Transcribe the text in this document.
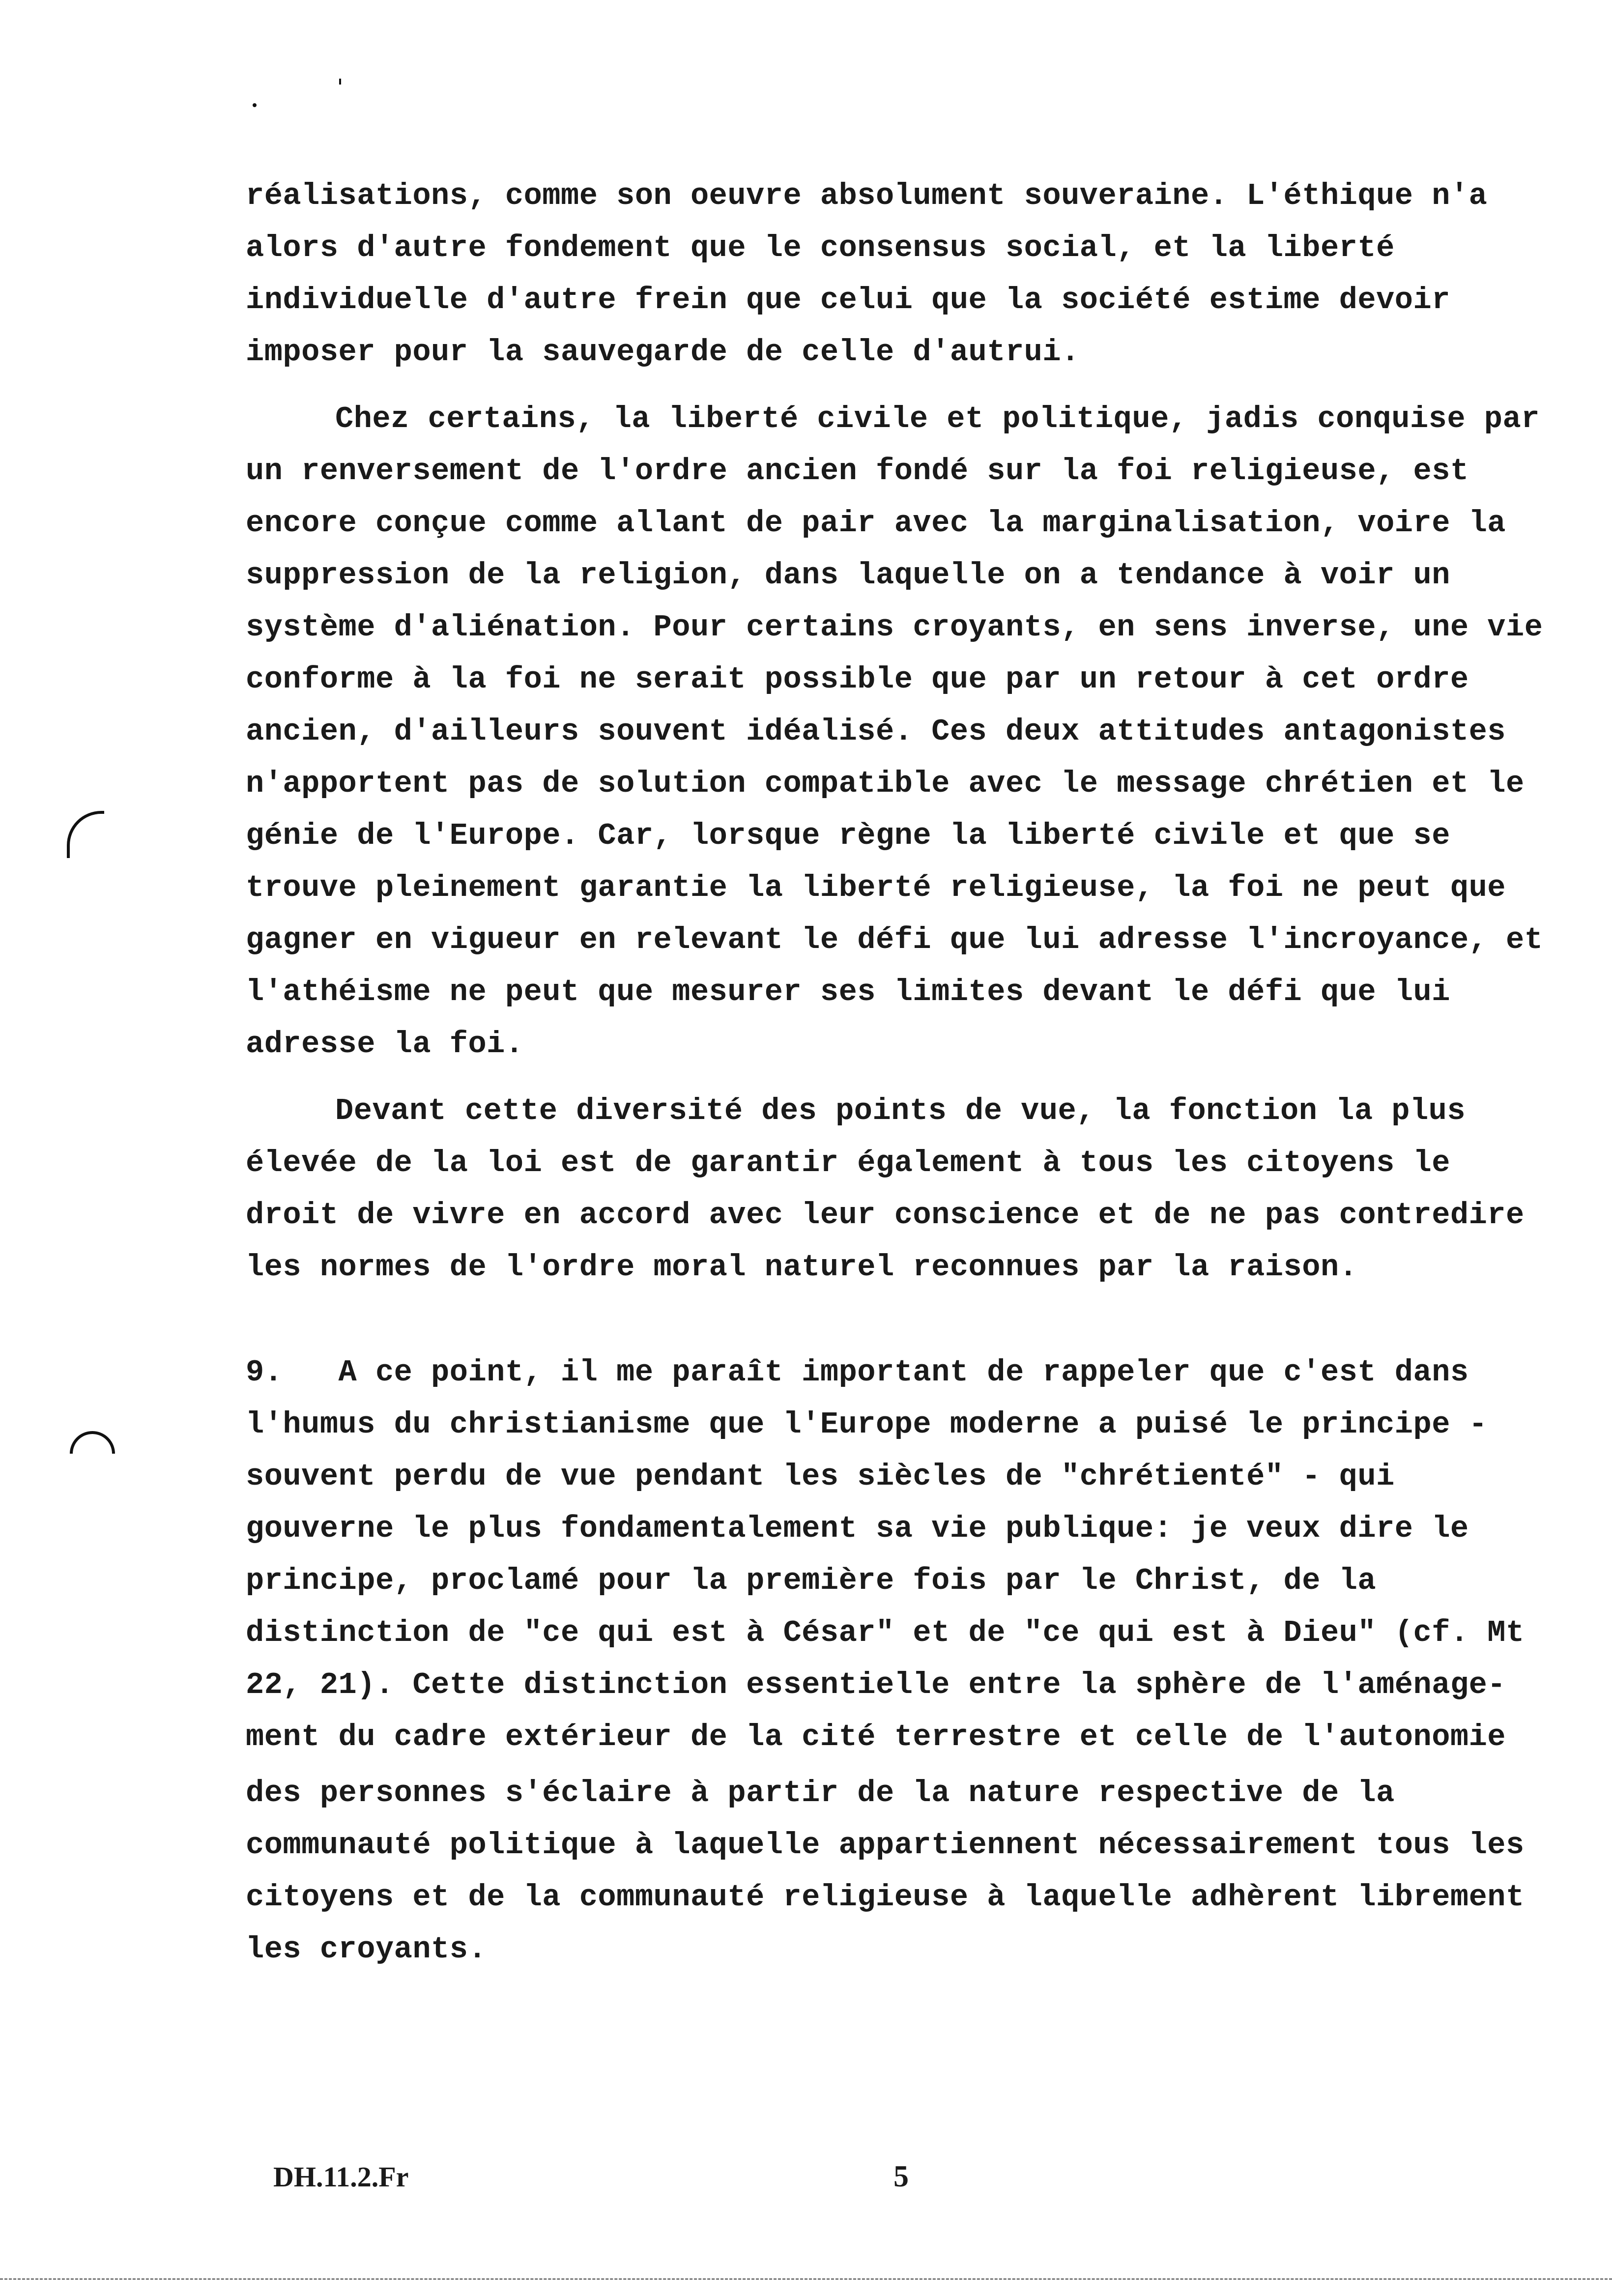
réalisations, comme son oeuvre absolument souveraine. L'éthique n'a
alors d'autre fondement que le consensus social, et la liberté
individuelle d'autre frein que celui que la société estime devoir
imposer pour la sauvegarde de celle d'autrui.
Chez certains, la liberté civile et politique, jadis conquise par
un renversement de l'ordre ancien fondé sur la foi religieuse, est
encore conçue comme allant de pair avec la marginalisation, voire la
suppression de la religion, dans laquelle on a tendance à voir un
système d'aliénation. Pour certains croyants, en sens inverse, une vie
conforme à la foi ne serait possible que par un retour à cet ordre
ancien, d'ailleurs souvent idéalisé. Ces deux attitudes antagonistes
n'apportent pas de solution compatible avec le message chrétien et le
génie de l'Europe. Car, lorsque règne la liberté civile et que se
trouve pleinement garantie la liberté religieuse, la foi ne peut que
gagner en vigueur en relevant le défi que lui adresse l'incroyance, et
l'athéisme ne peut que mesurer ses limites devant le défi que lui
adresse la foi.
Devant cette diversité des points de vue, la fonction la plus
élevée de la loi est de garantir également à tous les citoyens le
droit de vivre en accord avec leur conscience et de ne pas contredire
les normes de l'ordre moral naturel reconnues par la raison.
9.   A ce point, il me paraît important de rappeler que c'est dans
l'humus du christianisme que l'Europe moderne a puisé le principe -
souvent perdu de vue pendant les siècles de "chrétienté" - qui
gouverne le plus fondamentalement sa vie publique: je veux dire le
principe, proclamé pour la première fois par le Christ, de la
distinction de "ce qui est à César" et de "ce qui est à Dieu" (cf. Mt
22, 21). Cette distinction essentielle entre la sphère de l'aménage-
ment du cadre extérieur de la cité terrestre et celle de l'autonomie
des personnes s'éclaire à partir de la nature respective de la
communauté politique à laquelle appartiennent nécessairement tous les
citoyens et de la communauté religieuse à laquelle adhèrent librement
les croyants.
DH.11.2.Fr	5
